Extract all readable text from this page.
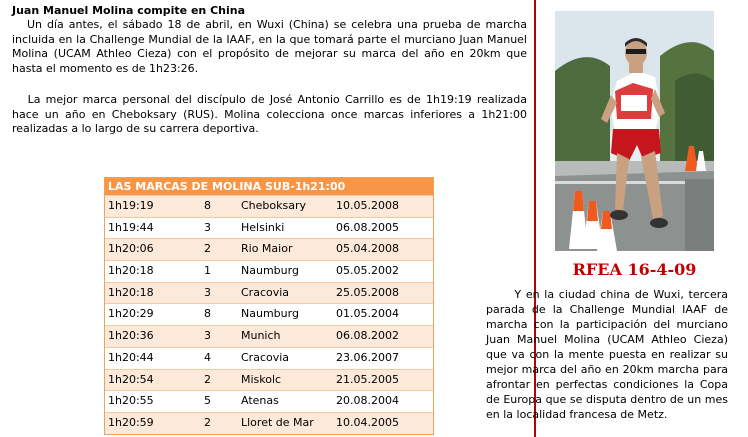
Juan Manuel Molina compite en China

Un día antes, el sábado 18 de abril, en Wuxi (China) se celebra una prueba de marcha incluida en la Challenge Mundial de la IAAF, en la que tomará parte el murciano Juan Manuel Molina (UCAM Athleo Cieza) con el propósito de mejorar su marca del año en 20km que hasta el momento es de 1h23:26.

La mejor marca personal del discípulo de José Antonio Carrillo es de 1h19:19 realizada hace un año en Cheboksary (RUS). Molina colecciona once marcas inferiores a 1h21:00 realizadas a lo largo de su carrera deportiva.

LAS MARCAS DE MOLINA SUB-1h21:00
1h19:19	8	Cheboksary	10.05.2008
1h19:44	3	Helsinki	06.08.2005
1h20:06	2	Rio Maior	05.04.2008
1h20:18	1	Naumburg	05.05.2002
1h20:18	3	Cracovia	25.05.2008
1h20:29	8	Naumburg	01.05.2004
1h20:36	3	Munich	06.08.2002
1h20:44	4	Cracovia	23.06.2007
1h20:54	2	Miskolc	21.05.2005
1h20:55	5	Atenas	20.08.2004
1h20:59	2	Lloret de Mar 10.04.2005
RFEA 16-4-09

Y en la ciudad china de Wuxi, tercera parada de la Challenge Mundial IAAF de marcha con la participación del murciano Juan Manuel Molina (UCAM Athleo Cieza) que va con la mente puesta en realizar su mejor marca del año en 20km marcha para afrontar en perfectas condiciones la Copa de Europa que se disputa dentro de un mes en la localidad francesa de Metz.
